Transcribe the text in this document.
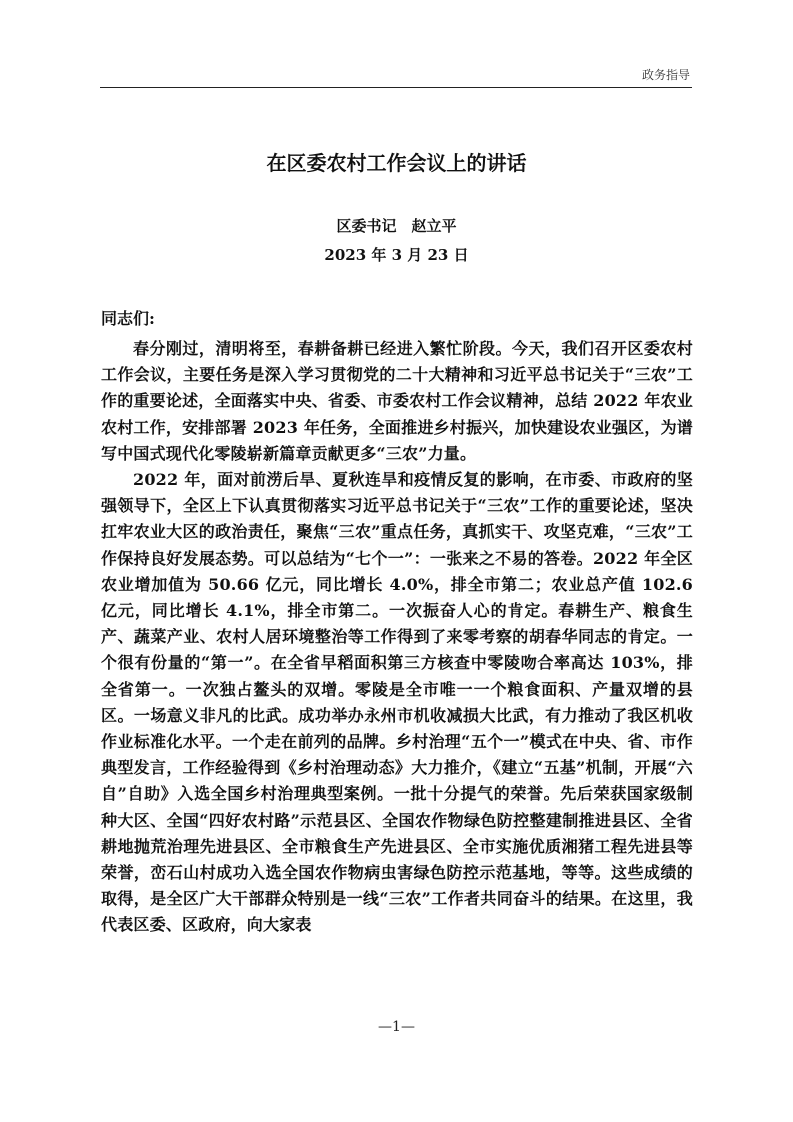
政务指导
在区委农村工作会议上的讲话
区委书记　赵立平
2023 年 3 月 23 日
同志们:

春分刚过，清明将至，春耕备耕已经进入繁忙阶段。今天，我们召开区委农村工作会议，主要任务是深入学习贯彻党的二十大精神和习近平总书记关于“三农”工作的重要论述，全面落实中央、省委、市委农村工作会议精神，总结 2022 年农业农村工作，安排部署 2023 年任务，全面推进乡村振兴，加快建设农业强区，为谱写中国式现代化零陵崭新篇章贡献更多“三农”力量。

2022 年，面对前涝后旱、夏秋连旱和疫情反复的影响，在市委、市政府的坚强领导下，全区上下认真贯彻落实习近平总书记关于“三农”工作的重要论述，坚决扛牢农业大区的政治责任，聚焦“三农”重点任务，真抓实干、攻坚克难，“三农”工作保持良好发展态势。可以总结为“七个一”：一张来之不易的答卷。2022 年全区农业增加值为 50.66 亿元，同比增长 4.0%，排全市第二；农业总产值 102.6 亿元，同比增长 4.1%，排全市第二。一次振奋人心的肯定。春耕生产、粮食生产、蔬菜产业、农村人居环境整治等工作得到了来零考察的胡春华同志的肯定。一个很有份量的“第一”。在全省早稻面积第三方核查中零陵吻合率高达 103%，排全省第一。一次独占鳌头的双增。零陵是全市唯一一个粮食面积、产量双增的县区。一场意义非凡的比武。成功举办永州市机收减损大比武，有力推动了我区机收作业标准化水平。一个走在前列的品牌。乡村治理“五个一”模式在中央、省、市作典型发言，工作经验得到《乡村治理动态》大力推介，《建立“五基”机制，开展“六自”自助》入选全国乡村治理典型案例。一批十分提气的荣誉。先后荣获国家级制种大区、全国“四好农村路”示范县区、全国农作物绿色防控整建制推进县区、全省耕地抛荒治理先进县区、全市粮食生产先进县区、全市实施优质湘猪工程先进县等荣誉，峦石山村成功入选全国农作物病虫害绿色防控示范基地，等等。这些成绩的取得，是全区广大干部群众特别是一线“三农”工作者共同奋斗的结果。在这里，我代表区委、区政府，向大家表

—1—
